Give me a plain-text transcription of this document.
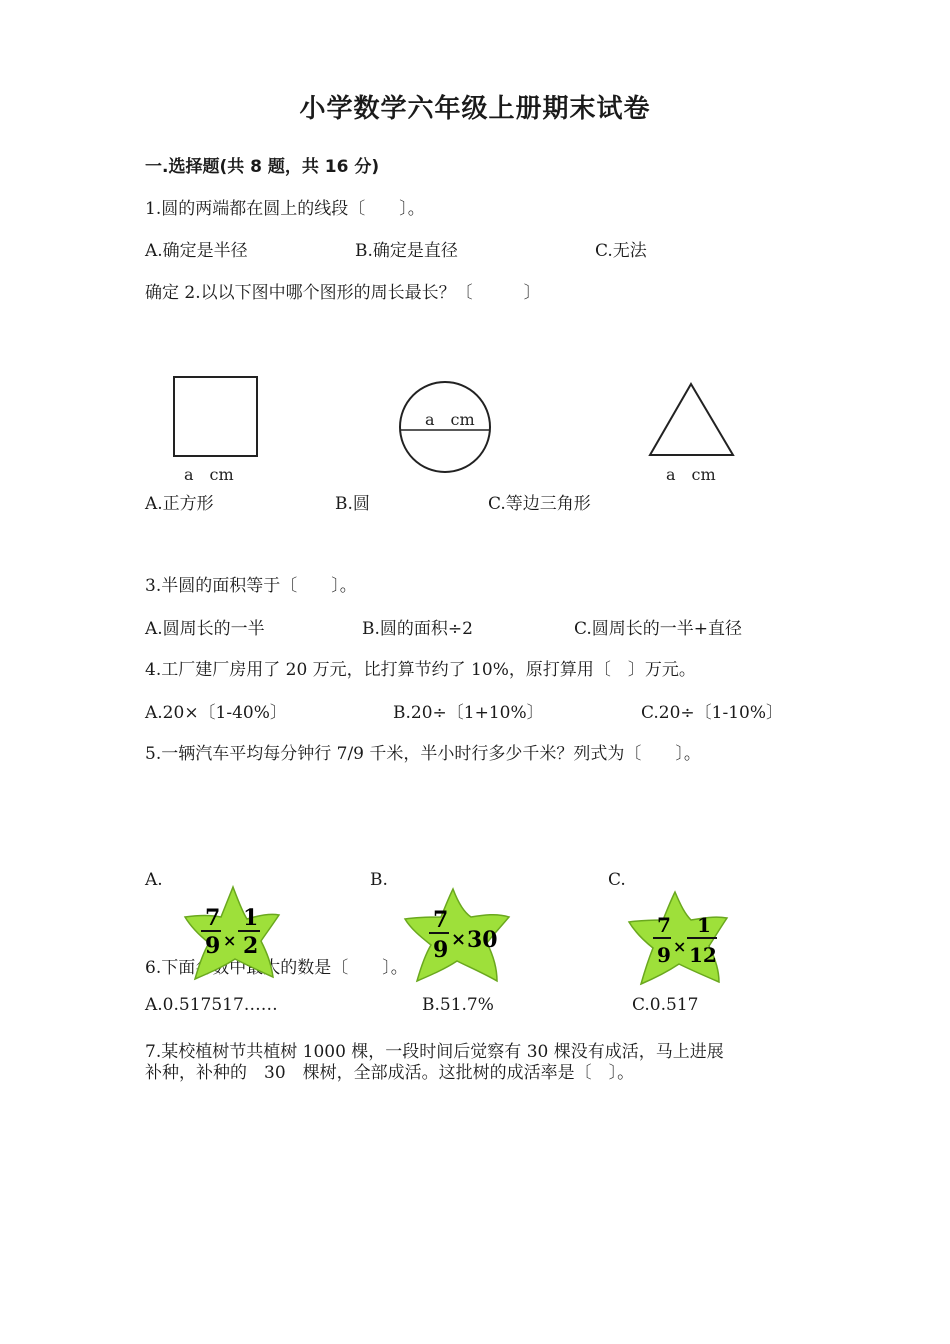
小学数学六年级上册期末试卷
一.选择题(共 8 题，共 16 分)
1.圆的两端都在圆上的线段〔　　〕。
A.确定是半径	B.确定是直径	C.无法
确定 2.以以下图中哪个图形的周长最长？〔　　　〕
a　cm
a　cm
a　cm
A.正方形	B.圆	C.等边三角形
3.半圆的面积等于〔　　〕。
A.圆周长的一半	B.圆的面积÷2	C.圆周长的一半+直径
4.工厂建厂房用了 20 万元，比打算节约了 10%，原打算用〔　〕万元。
A.20×〔1-40%〕	B.20÷〔1+10%〕	C.20÷〔1-10%〕
5.一辆汽车平均每分钟行 7/9 千米，半小时行多少千米？列式为〔　　〕。
A.	B.	C.
6.下面各数中最大的数是〔　　〕。
7
9 ×
1
2
7
9 × 30
7
9 ×
1
12
A.0.517517……	B.51.7%	C.0.517
7.某校植树节共植树 1000 棵，一段时间后觉察有 30 棵没有成活，马上进展
补种，补种的　30　棵树，全部成活。这批树的成活率是〔　〕。
